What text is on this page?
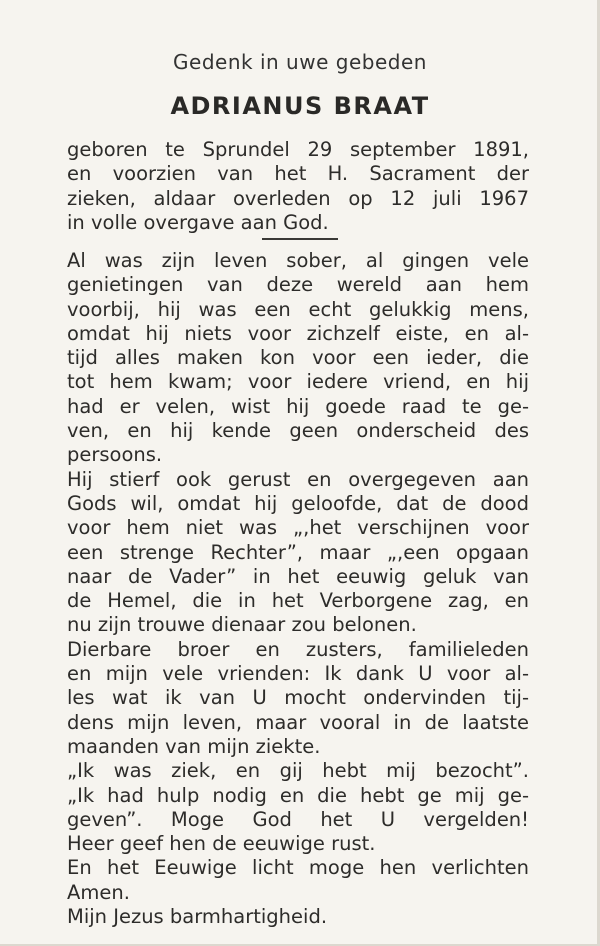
Gedenk in uwe gebeden
ADRIANUS BRAAT
geboren te Sprundel 29 september 1891,
en voorzien van het H. Sacrament der
zieken, aldaar overleden op 12 juli 1967
in volle overgave aan God.
Al was zijn leven sober, al gingen vele
genietingen van deze wereld aan hem
voorbij, hij was een echt gelukkig mens,
omdat hij niets voor zichzelf eiste, en al-
tijd alles maken kon voor een ieder, die
tot hem kwam; voor iedere vriend, en hij
had er velen, wist hij goede raad te ge-
ven, en hij kende geen onderscheid des
persoons.
Hij stierf ook gerust en overgegeven aan
Gods wil, omdat hij geloofde, dat de dood
voor hem niet was „,het verschijnen voor
een strenge Rechter”, maar „,een opgaan
naar de Vader” in het eeuwig geluk van
de Hemel, die in het Verborgene zag, en
nu zijn trouwe dienaar zou belonen.
Dierbare broer en zusters, familieleden
en mijn vele vrienden: Ik dank U voor al-
les wat ik van U mocht ondervinden tij-
dens mijn leven, maar vooral in de laatste
maanden van mijn ziekte.
„Ik was ziek, en gij hebt mij bezocht”.
„Ik had hulp nodig en die hebt ge mij ge-
geven”. Moge God het U vergelden!
Heer geef hen de eeuwige rust.
En het Eeuwige licht moge hen verlichten
Amen.
Mijn Jezus barmhartigheid.
